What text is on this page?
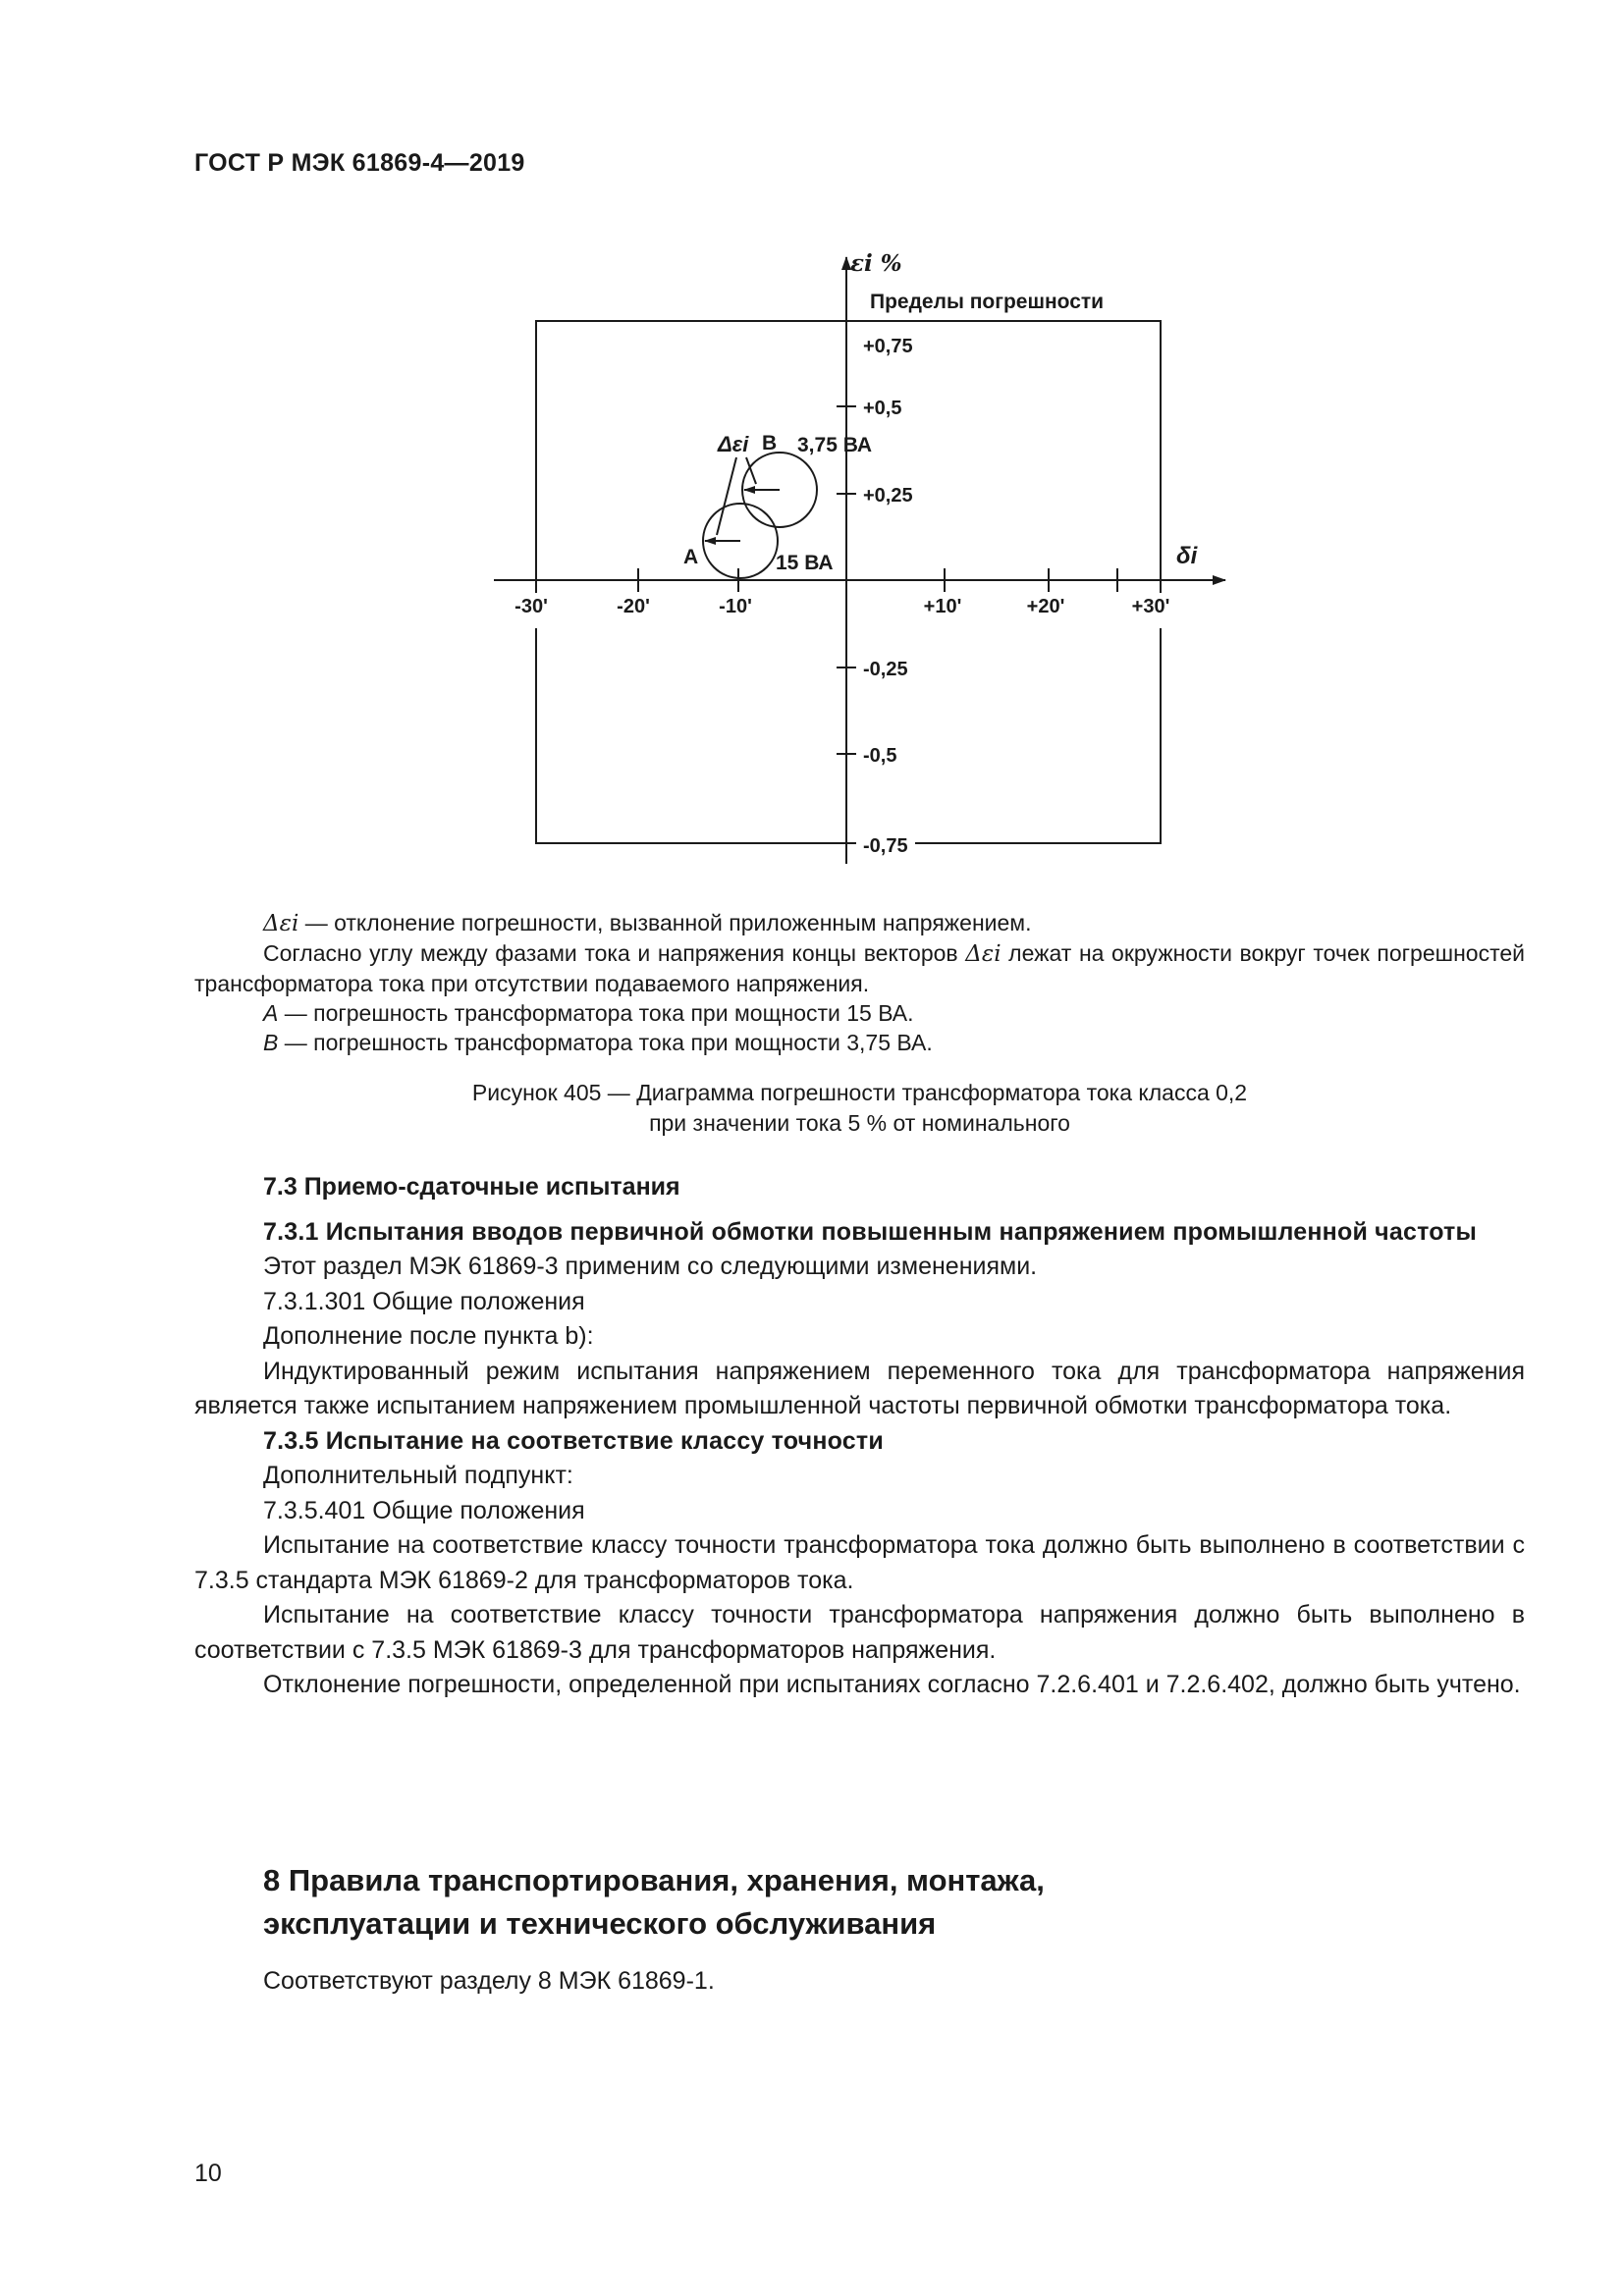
ГОСТ Р МЭК 61869-4—2019
εi %
Пределы погрешности
δi
-30'	-20'	-10'	+10'	+20'	+30'
+0,75
+0,5
+0,25
-0,25
-0,5
-0,75
Δεi B 3,75 ВА
A	15 ВА

Δεi — отклонение погрешности, вызванной приложенным напряжением.

Согласно углу между фазами тока и напряжения концы векторов Δεi лежат на окружности вокруг точек погрешностей трансформатора тока при отсутствии подаваемого напряжения.

A — погрешность трансформатора тока при мощности 15 ВА.

B — погрешность трансформатора тока при мощности 3,75 ВА.

Рисунок 405 — Диаграмма погрешности трансформатора тока класса 0,2
при значении тока 5 % от номинального

7.3 Приемо-сдаточные испытания

7.3.1 Испытания вводов первичной обмотки повышенным напряжением промышленной частоты

Этот раздел МЭК 61869-3 применим со следующими изменениями.

7.3.1.301 Общие положения

Дополнение после пункта b):

Индуктированный режим испытания напряжением переменного тока для трансформатора напряжения является также испытанием напряжением промышленной частоты первичной обмотки трансформатора тока.

7.3.5 Испытание на соответствие классу точности

Дополнительный подпункт:

7.3.5.401 Общие положения

Испытание на соответствие классу точности трансформатора тока должно быть выполнено в соответствии с 7.3.5 стандарта МЭК 61869-2 для трансформаторов тока.

Испытание на соответствие классу точности трансформатора напряжения должно быть выполнено в соответствии с 7.3.5 МЭК 61869-3 для трансформаторов напряжения.

Отклонение погрешности, определенной при испытаниях согласно 7.2.6.401 и 7.2.6.402, должно быть учтено.

8 Правила транспортирования, хранения, монтажа,
эксплуатации и технического обслуживания
Соответствуют разделу 8 МЭК 61869-1.
10
